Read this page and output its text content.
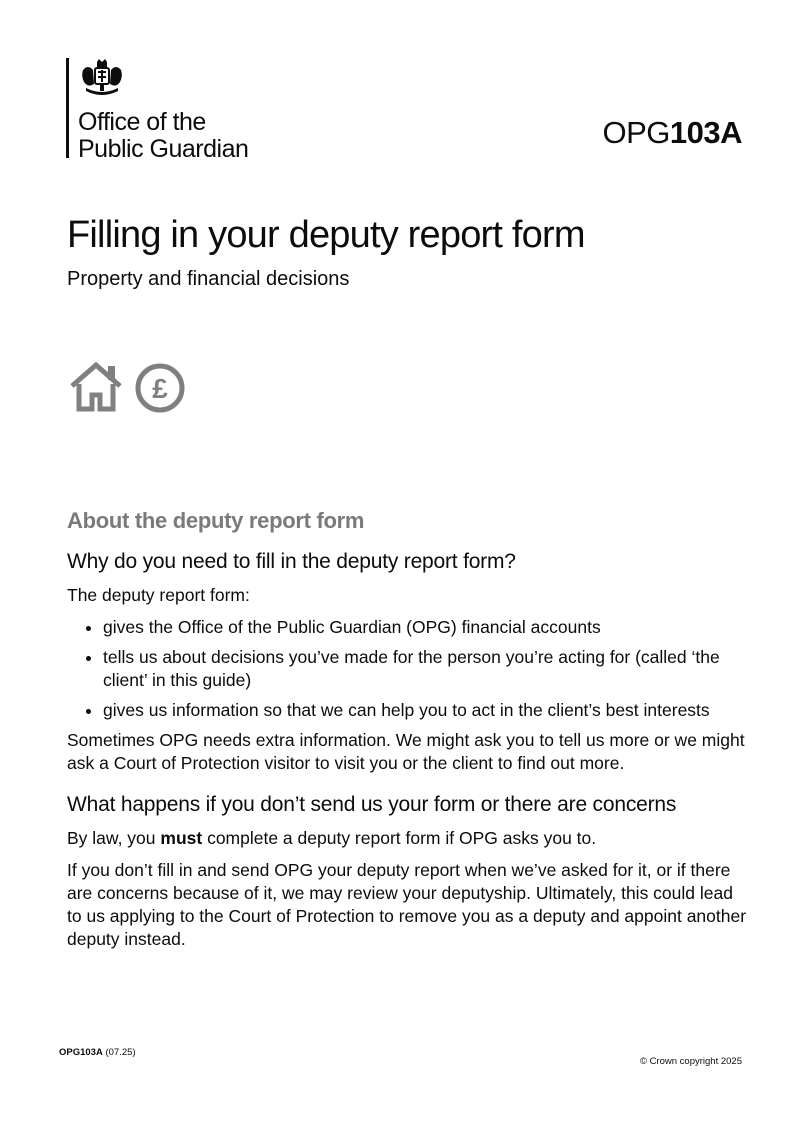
Office of the
Public Guardian	OPG103A
Filling in your deputy report form

Property and financial decisions

£
About the deputy report form
Why do you need to fill in the deputy report form?

The deputy report form:

• gives the Office of the Public Guardian (OPG) financial accounts
• tells us about decisions you’ve made for the person you’re acting for (called ‘the client’ in this guide)
• gives us information so that we can help you to act in the client’s best interests

Sometimes OPG needs extra information. We might ask you to tell us more or we might ask a Court of Protection visitor to visit you or the client to find out more.

What happens if you don’t send us your form or there are concerns

By law, you must complete a deputy report form if OPG asks you to.

If you don’t fill in and send OPG your deputy report when we’ve asked for it, or if there are concerns because of it, we may review your deputyship. Ultimately, this could lead to us applying to the Court of Protection to remove you as a deputy and appoint another deputy instead.

OPG103A (07.25)
© Crown copyright 2025
